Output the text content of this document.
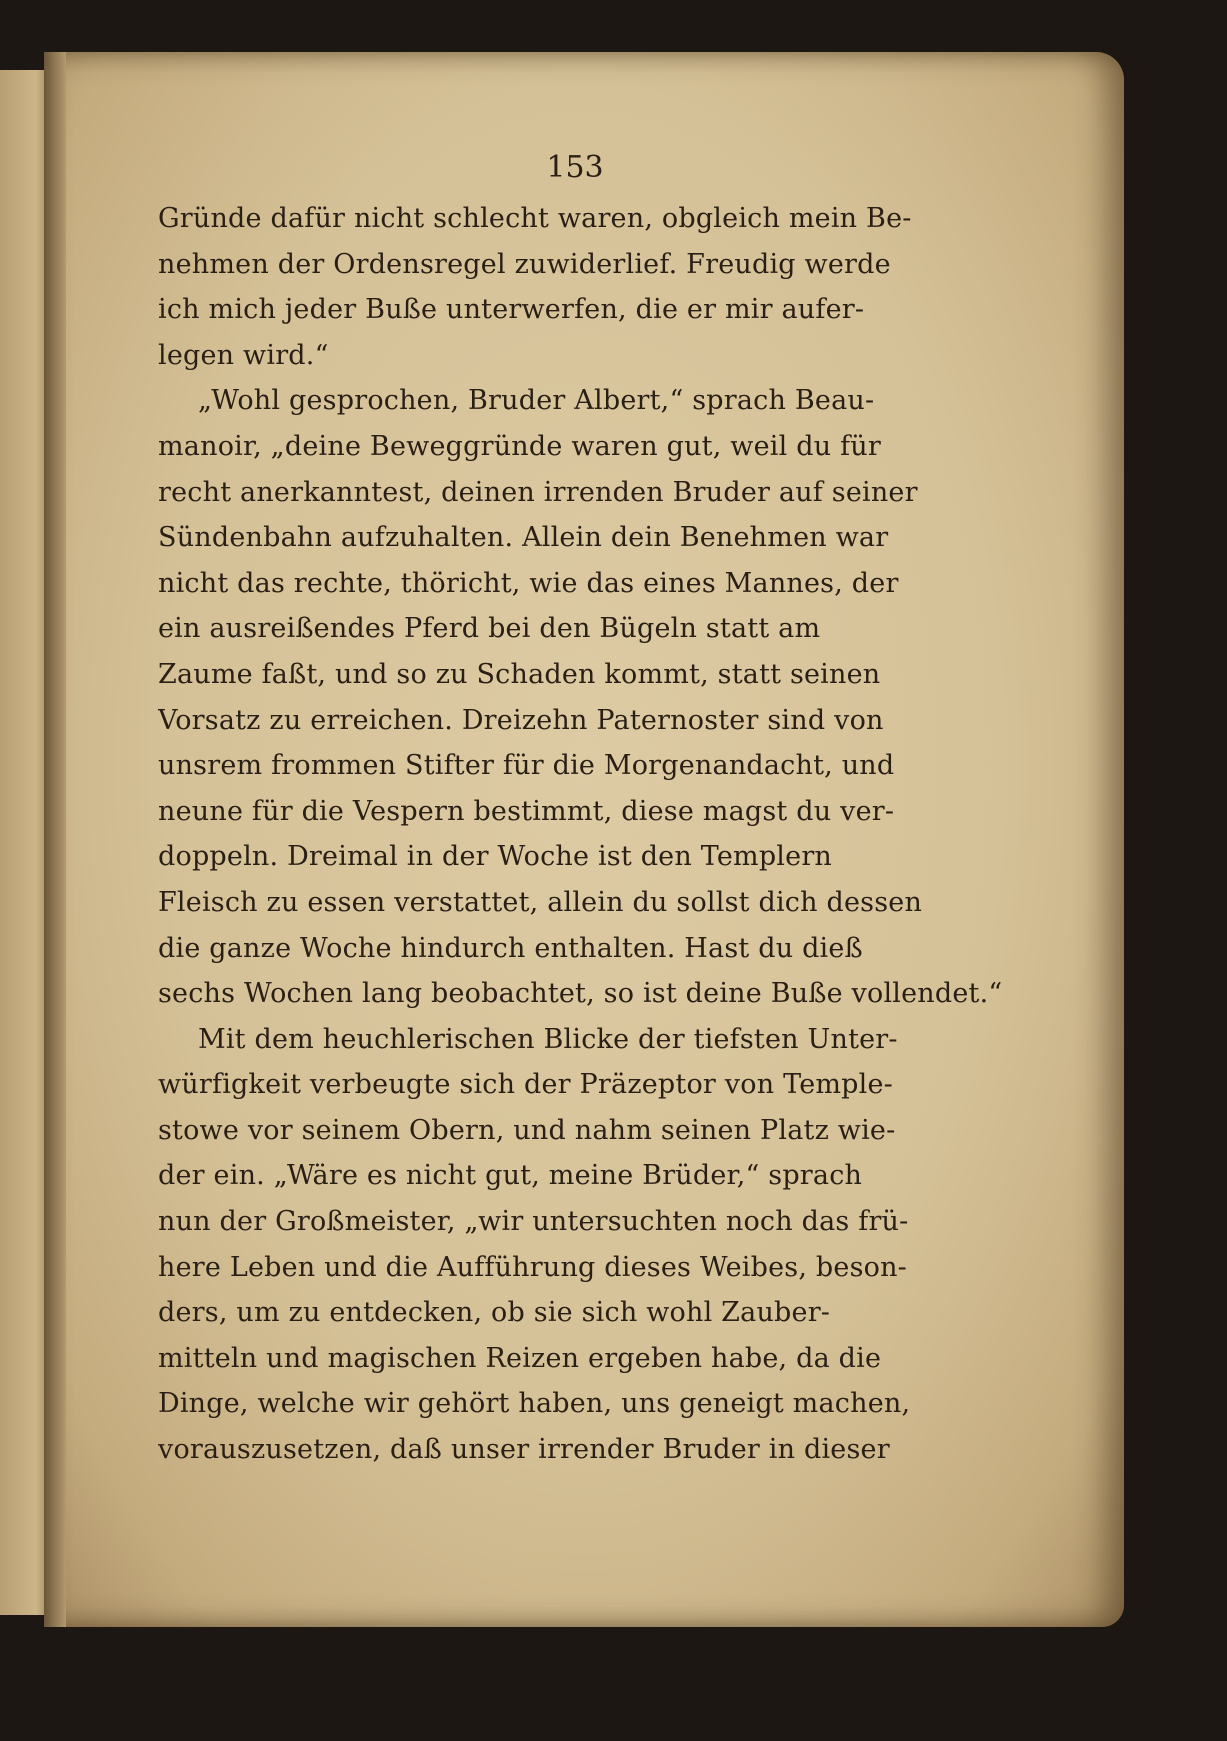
153
Gründe dafür nicht schlecht waren, obgleich mein Be-
nehmen der Ordensregel zuwiderlief. Freudig werde
ich mich jeder Buße unterwerfen, die er mir aufer-
legen wird.“
„Wohl gesprochen, Bruder Albert,“ sprach Beau-
manoir, „deine Beweggründe waren gut, weil du für
recht anerkanntest, deinen irrenden Bruder auf seiner
Sündenbahn aufzuhalten. Allein dein Benehmen war
nicht das rechte, thöricht, wie das eines Mannes, der
ein ausreißendes Pferd bei den Bügeln statt am
Zaume faßt, und so zu Schaden kommt, statt seinen
Vorsatz zu erreichen. Dreizehn Paternoster sind von
unsrem frommen Stifter für die Morgenandacht, und
neune für die Vespern bestimmt, diese magst du ver-
doppeln. Dreimal in der Woche ist den Templern
Fleisch zu essen verstattet, allein du sollst dich dessen
die ganze Woche hindurch enthalten. Hast du dieß
sechs Wochen lang beobachtet, so ist deine Buße vollendet.“
Mit dem heuchlerischen Blicke der tiefsten Unter-
würfigkeit verbeugte sich der Präzeptor von Temple-
stowe vor seinem Obern, und nahm seinen Platz wie-
der ein. „Wäre es nicht gut, meine Brüder,“ sprach
nun der Großmeister, „wir untersuchten noch das frü-
here Leben und die Aufführung dieses Weibes, beson-
ders, um zu entdecken, ob sie sich wohl Zauber-
mitteln und magischen Reizen ergeben habe, da die
Dinge, welche wir gehört haben, uns geneigt machen,
vorauszusetzen, daß unser irrender Bruder in dieser
